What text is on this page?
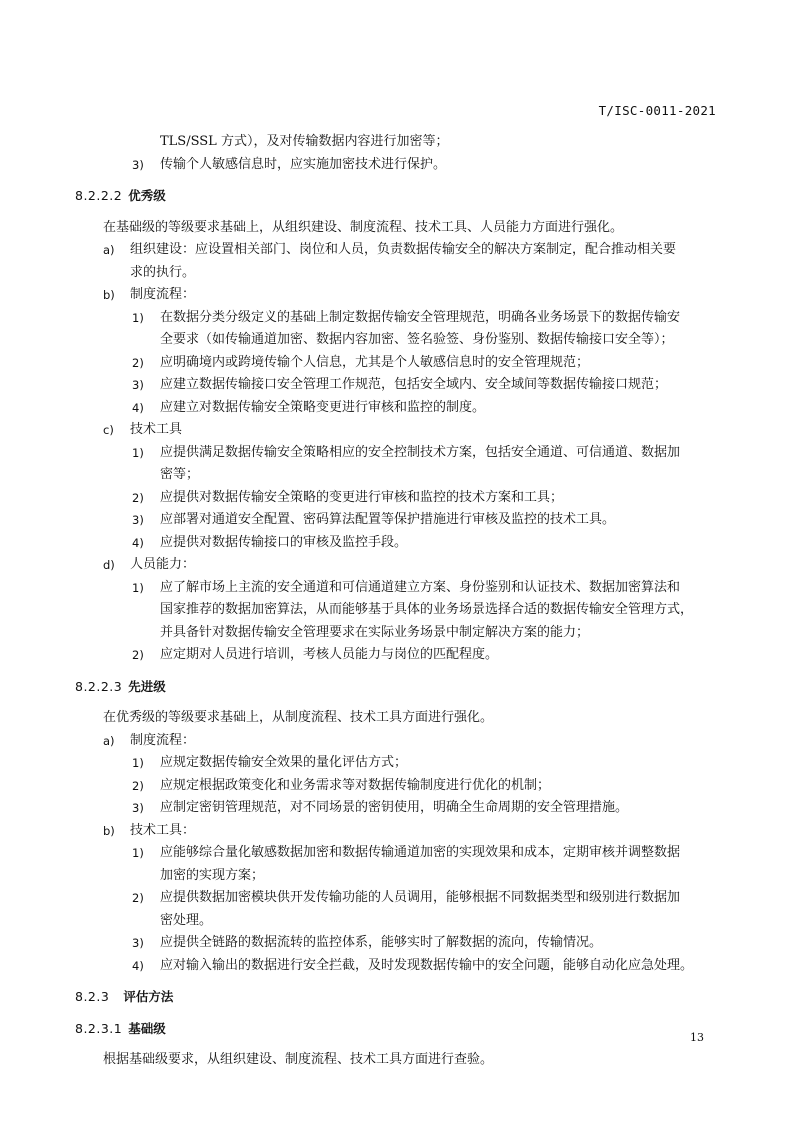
T/ISC-0011-2021
TLS/SSL 方式），及对传输数据内容进行加密等；
3) 传输个人敏感信息时，应实施加密技术进行保护。
8.2.2.2 优秀级
在基础级的等级要求基础上，从组织建设、制度流程、技术工具、人员能力方面进行强化。
a) 组织建设：应设置相关部门、岗位和人员，负责数据传输安全的解决方案制定，配合推动相关要
求的执行。
b) 制度流程：
1) 在数据分类分级定义的基础上制定数据传输安全管理规范，明确各业务场景下的数据传输安
全要求（如传输通道加密、数据内容加密、签名验签、身份鉴别、数据传输接口安全等）；
2) 应明确境内或跨境传输个人信息，尤其是个人敏感信息时的安全管理规范；
3) 应建立数据传输接口安全管理工作规范，包括安全域内、安全域间等数据传输接口规范；
4) 应建立对数据传输安全策略变更进行审核和监控的制度。
c) 技术工具
1) 应提供满足数据传输安全策略相应的安全控制技术方案，包括安全通道、可信通道、数据加
密等；
2) 应提供对数据传输安全策略的变更进行审核和监控的技术方案和工具；
3) 应部署对通道安全配置、密码算法配置等保护措施进行审核及监控的技术工具。
4) 应提供对数据传输接口的审核及监控手段。
d) 人员能力：
1) 应了解市场上主流的安全通道和可信通道建立方案、身份鉴别和认证技术、数据加密算法和
国家推荐的数据加密算法，从而能够基于具体的业务场景选择合适的数据传输安全管理方式，
并具备针对数据传输安全管理要求在实际业务场景中制定解决方案的能力；
2) 应定期对人员进行培训，考核人员能力与岗位的匹配程度。
8.2.2.3 先进级
在优秀级的等级要求基础上，从制度流程、技术工具方面进行强化。
a) 制度流程：
1) 应规定数据传输安全效果的量化评估方式；
2) 应规定根据政策变化和业务需求等对数据传输制度进行优化的机制；
3) 应制定密钥管理规范，对不同场景的密钥使用，明确全生命周期的安全管理措施。
b) 技术工具：
1) 应能够综合量化敏感数据加密和数据传输通道加密的实现效果和成本，定期审核并调整数据
加密的实现方案；
2) 应提供数据加密模块供开发传输功能的人员调用，能够根据不同数据类型和级别进行数据加
密处理。
3) 应提供全链路的数据流转的监控体系，能够实时了解数据的流向，传输情况。
4) 应对输入输出的数据进行安全拦截，及时发现数据传输中的安全问题，能够自动化应急处理。
8.2.3 评估方法
8.2.3.1 基础级
根据基础级要求，从组织建设、制度流程、技术工具方面进行查验。
13
